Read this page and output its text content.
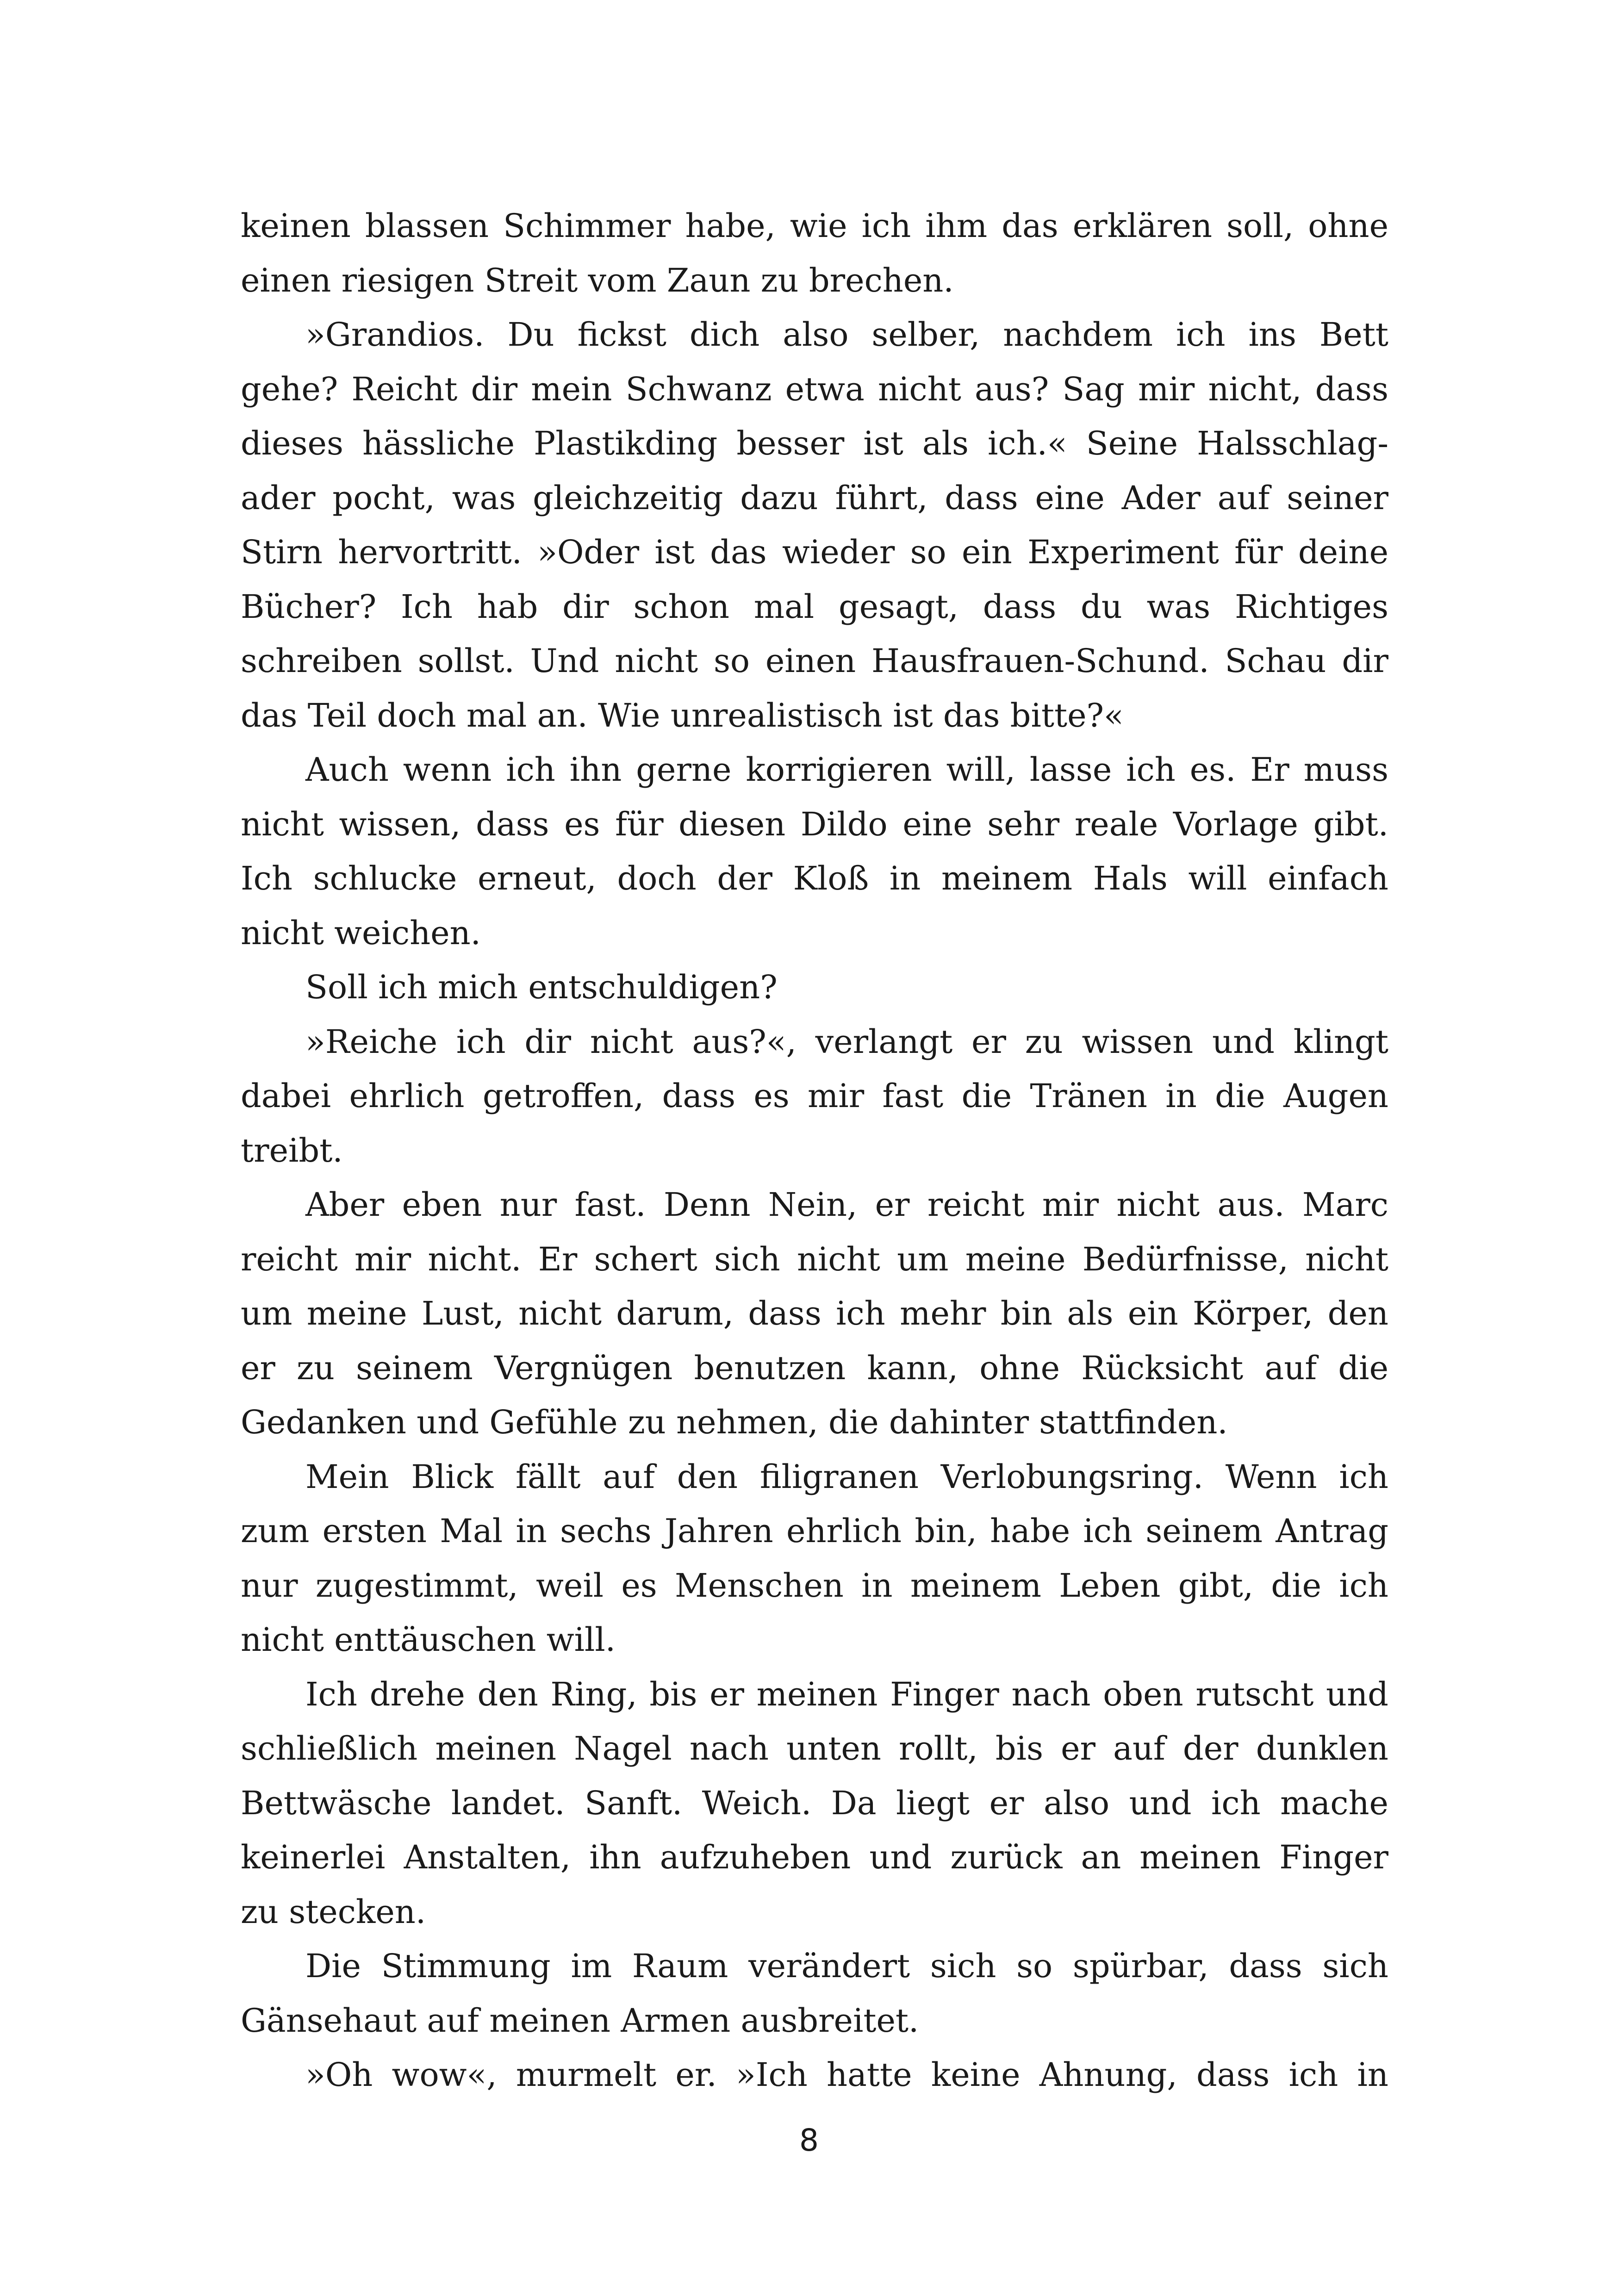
keinen blassen Schimmer habe, wie ich ihm das erklären soll, ohne
einen riesigen Streit vom Zaun zu brechen.
»Grandios. Du fickst dich also selber, nachdem ich ins Bett
gehe? Reicht dir mein Schwanz etwa nicht aus? Sag mir nicht, dass
dieses hässliche Plastikding besser ist als ich.« Seine Halsschlag-
ader pocht, was gleichzeitig dazu führt, dass eine Ader auf seiner
Stirn hervortritt. »Oder ist das wieder so ein Experiment für deine
Bücher? Ich hab dir schon mal gesagt, dass du was Richtiges
schreiben sollst. Und nicht so einen Hausfrauen-Schund. Schau dir
das Teil doch mal an. Wie unrealistisch ist das bitte?«
Auch wenn ich ihn gerne korrigieren will, lasse ich es. Er muss
nicht wissen, dass es für diesen Dildo eine sehr reale Vorlage gibt.
Ich schlucke erneut, doch der Kloß in meinem Hals will einfach
nicht weichen.
Soll ich mich entschuldigen?
»Reiche ich dir nicht aus?«, verlangt er zu wissen und klingt
dabei ehrlich getroffen, dass es mir fast die Tränen in die Augen
treibt.
Aber eben nur fast. Denn Nein, er reicht mir nicht aus. Marc
reicht mir nicht. Er schert sich nicht um meine Bedürfnisse, nicht
um meine Lust, nicht darum, dass ich mehr bin als ein Körper, den
er zu seinem Vergnügen benutzen kann, ohne Rücksicht auf die
Gedanken und Gefühle zu nehmen, die dahinter stattfinden.
Mein Blick fällt auf den filigranen Verlobungsring. Wenn ich
zum ersten Mal in sechs Jahren ehrlich bin, habe ich seinem Antrag
nur zugestimmt, weil es Menschen in meinem Leben gibt, die ich
nicht enttäuschen will.
Ich drehe den Ring, bis er meinen Finger nach oben rutscht und
schließlich meinen Nagel nach unten rollt, bis er auf der dunklen
Bettwäsche landet. Sanft. Weich. Da liegt er also und ich mache
keinerlei Anstalten, ihn aufzuheben und zurück an meinen Finger
zu stecken.
Die Stimmung im Raum verändert sich so spürbar, dass sich
Gänsehaut auf meinen Armen ausbreitet.
»Oh wow«, murmelt er. »Ich hatte keine Ahnung, dass ich in
8
